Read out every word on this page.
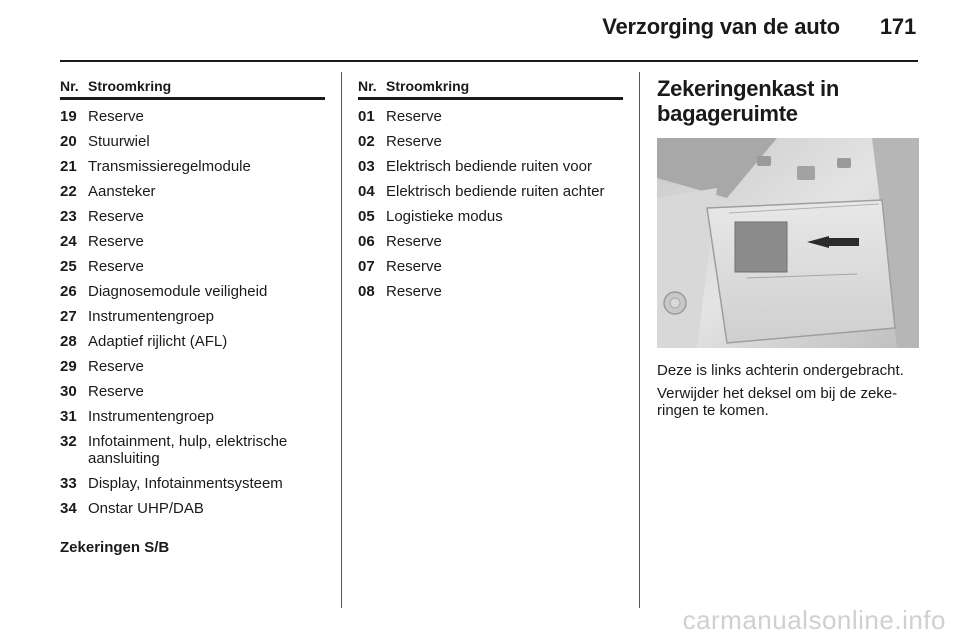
Verzorging van de auto 171
Nr. Stroomkring
19 Reserve
20 Stuurwiel
21 Transmissieregelmodule
22 Aansteker
23 Reserve
24 Reserve
25 Reserve
26 Diagnosemodule veiligheid
27 Instrumentengroep
28 Adaptief rijlicht (AFL)
29 Reserve
30 Reserve
31 Instrumentengroep
32 Infotainment, hulp, elektrische aansluiting
33 Display, Infotainmentsysteem
34 Onstar UHP/DAB
Zekeringen S/B
Nr. Stroomkring
01 Reserve
02 Reserve
03 Elektrisch bediende ruiten voor
04 Elektrisch bediende ruiten achter
05 Logistieke modus
06 Reserve
07 Reserve
08 Reserve
Zekeringenkast in bagageruimte
Deze is links achterin ondergebracht.
Verwijder het deksel om bij de zeke-ringen te komen.
carmanualsonline.info
